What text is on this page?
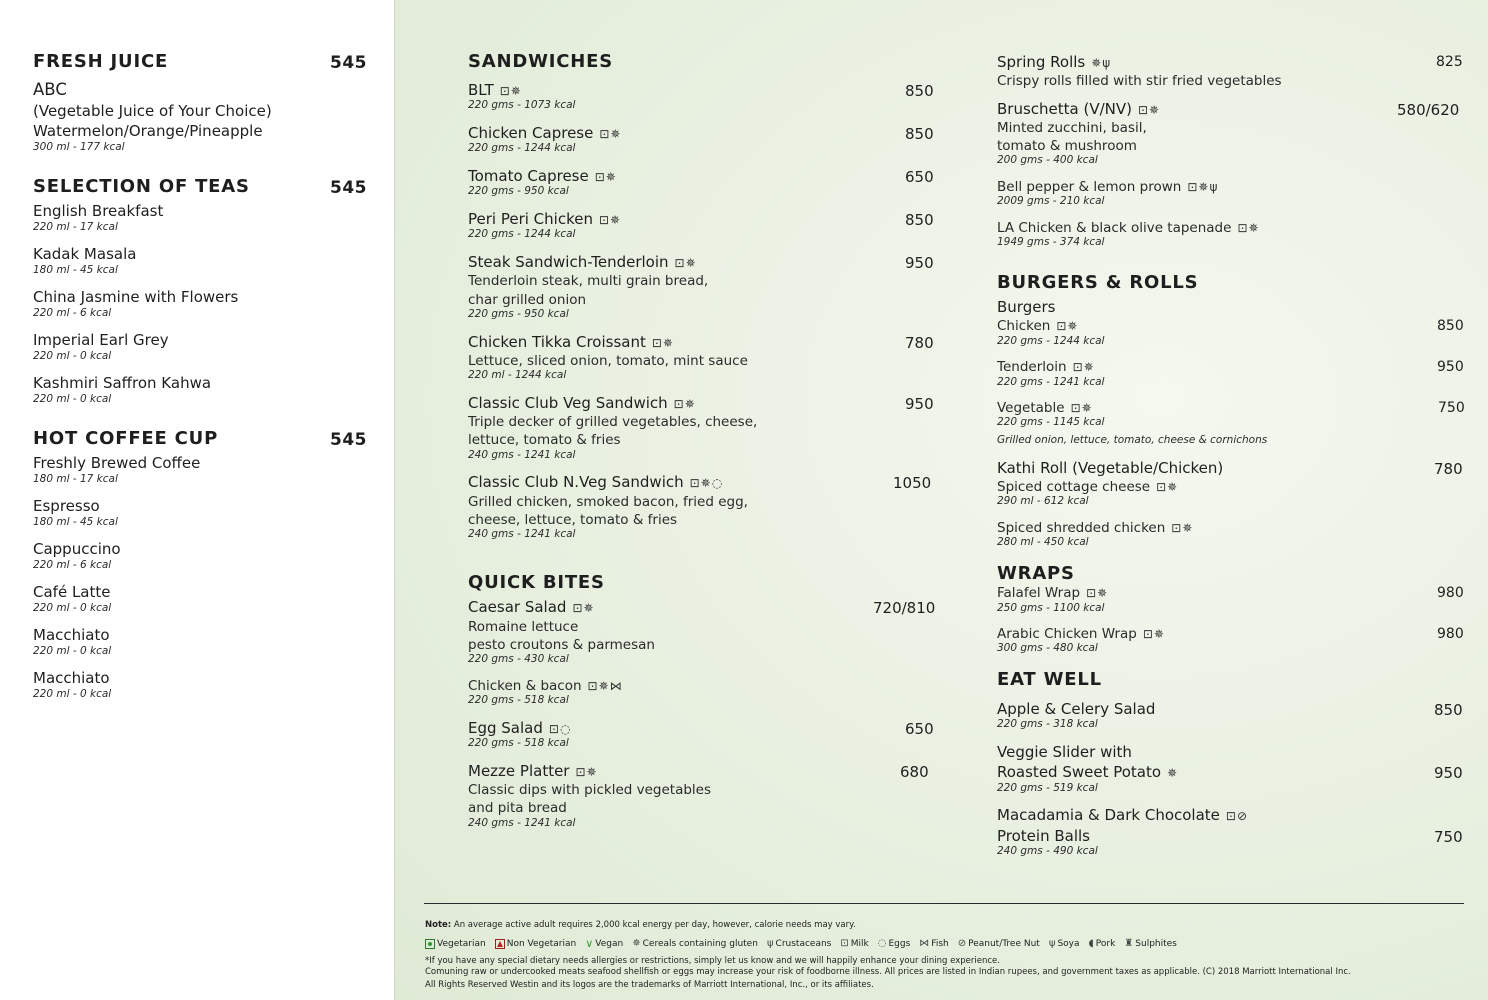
FRESH JUICE	545
ABC
(Vegetable Juice of Your Choice)
Watermelon/Orange/Pineapple
300 ml - 177 kcal
SELECTION OF TEAS	545
English Breakfast
220 ml - 17 kcal
Kadak Masala
180 ml - 45 kcal
China Jasmine with Flowers
220 ml - 6 kcal
Imperial Earl Grey
220 ml - 0 kcal
Kashmiri Saffron Kahwa
220 ml - 0 kcal
HOT COFFEE CUP	545
Freshly Brewed Coffee
180 ml - 17 kcal
Espresso
180 ml - 45 kcal
Cappuccino
220 ml - 6 kcal
Café Latte
220 ml - 0 kcal
Macchiato
220 ml - 0 kcal
Macchiato
220 ml - 0 kcal
SANDWICHES
BLT ⊡✵	850
220 gms - 1073 kcal
Chicken Caprese ⊡✵	850
220 gms - 1244 kcal
Tomato Caprese ⊡✵	650
220 gms - 950 kcal
Peri Peri Chicken ⊡✵	850
220 gms - 1244 kcal
Steak Sandwich-Tenderloin ⊡✵	950
Tenderloin steak, multi grain bread,
char grilled onion
220 gms - 950 kcal
Chicken Tikka Croissant ⊡✵	780
Lettuce, sliced onion, tomato, mint sauce
220 ml - 1244 kcal
Classic Club Veg Sandwich ⊡✵	950
Triple decker of grilled vegetables, cheese,
lettuce, tomato & fries
240 gms - 1241 kcal
Classic Club N.Veg Sandwich ⊡✵◌	1050
Grilled chicken, smoked bacon, fried egg,
cheese, lettuce, tomato & fries
240 gms - 1241 kcal
QUICK BITES
Caesar Salad ⊡✵	720/810
Romaine lettuce
pesto croutons & parmesan
220 gms - 430 kcal
Chicken & bacon ⊡✵⋈
220 gms - 518 kcal
Egg Salad ⊡◌	650
220 gms - 518 kcal
Mezze Platter ⊡✵	680
Classic dips with pickled vegetables
and pita bread
240 gms - 1241 kcal
Spring Rolls ✵ψ	825
Crispy rolls filled with stir fried vegetables
Bruschetta (V/NV) ⊡✵	580/620
Minted zucchini, basil,
tomato & mushroom
200 gms - 400 kcal
Bell pepper & lemon prown ⊡✵ψ
2009 gms - 210 kcal
LA Chicken & black olive tapenade ⊡✵
1949 gms - 374 kcal
BURGERS & ROLLS
Burgers
Chicken ⊡✵	850
220 gms - 1244 kcal
Tenderloin ⊡✵	950
220 gms - 1241 kcal
Vegetable ⊡✵	750
220 gms - 1145 kcal
Grilled onion, lettuce, tomato, cheese & cornichons
Kathi Roll (Vegetable/Chicken)	780
Spiced cottage cheese ⊡✵
290 ml - 612 kcal
Spiced shredded chicken ⊡✵
280 ml - 450 kcal
WRAPS
Falafel Wrap ⊡✵	980
250 gms - 1100 kcal
Arabic Chicken Wrap ⊡✵	980
300 gms - 480 kcal
EAT WELL
Apple & Celery Salad	850
220 gms - 318 kcal
Veggie Slider with
Roasted Sweet Potato ✵	950
220 gms - 519 kcal
Macadamia & Dark Chocolate ⊡⊘
Protein Balls	750
240 gms - 490 kcal
Note: An average active adult requires 2,000 kcal energy per day, however, calorie needs may vary.
Vegetarian Non Vegetarian ∨ Vegan ✵ Cereals containing gluten ψ Crustaceans ⊡ Milk ◌ Eggs ⋈ Fish ⊘ Peanut/Tree Nut ψ Soya ◖ Pork ♜ Sulphites
*If you have any special dietary needs allergies or restrictions, simply let us know and we will happily enhance your dining experience.
Comuning raw or undercooked meats seafood shellfish or eggs may increase your risk of foodborne illness. All prices are listed in Indian rupees, and government taxes as applicable. (C) 2018 Marriott International Inc.
All Rights Reserved Westin and its logos are the trademarks of Marriott International, Inc., or its affiliates.
